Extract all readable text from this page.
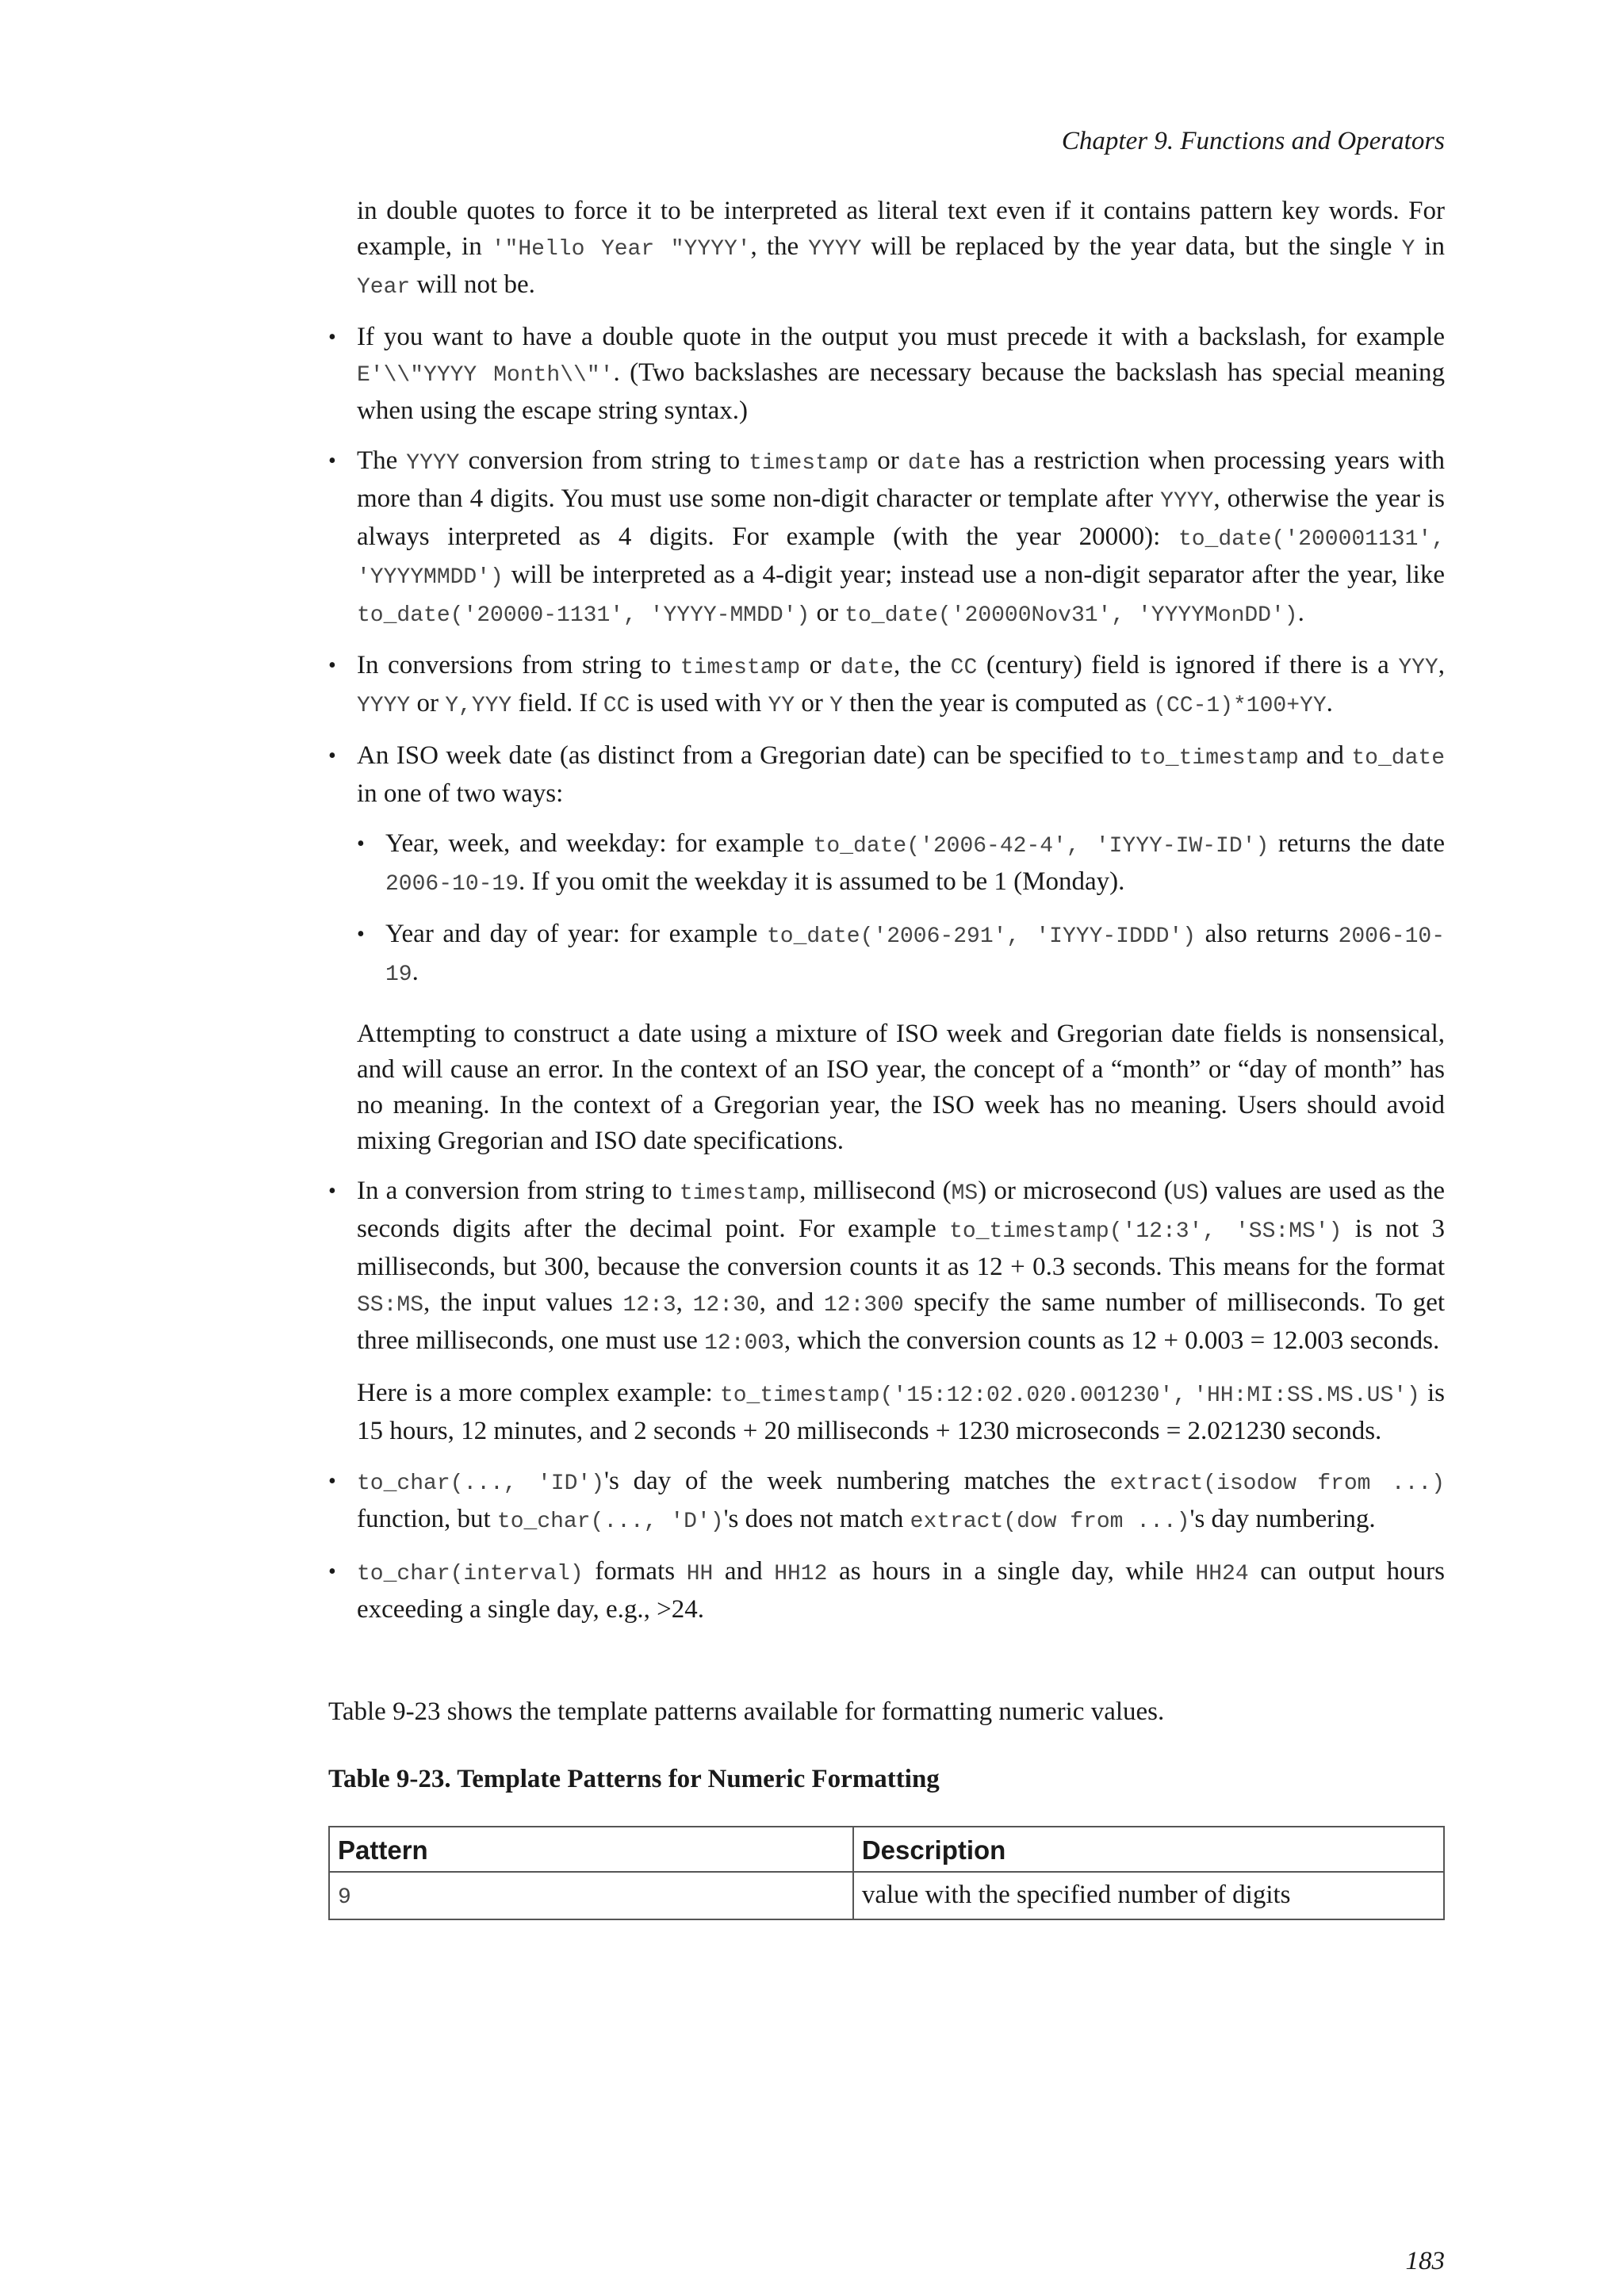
Chapter 9. Functions and Operators

in double quotes to force it to be interpreted as literal text even if it contains pattern key words. For example, in '"Hello Year "YYYY', the YYYY will be replaced by the year data, but the single Y in Year will not be.

• If you want to have a double quote in the output you must precede it with a backslash, for example E'\\"YYYY Month\\"'. (Two backslashes are necessary because the backslash has special meaning when using the escape string syntax.)
• The YYYY conversion from string to timestamp or date has a restriction when processing years with more than 4 digits. You must use some non-digit character or template after YYYY, otherwise the year is always interpreted as 4 digits. For example (with the year 20000): to_date('200001131', 'YYYYMMDD') will be interpreted as a 4-digit year; instead use a non-digit separator after the year, like to_date('20000-1131', 'YYYY-MMDD') or to_date('20000Nov31', 'YYYYMonDD').
• In conversions from string to timestamp or date, the CC (century) field is ignored if there is a YYY, YYYY or Y,YYY field. If CC is used with YY or Y then the year is computed as (CC-1)*100+YY.

• An ISO week date (as distinct from a Gregorian date) can be specified to to_timestamp and to_date in one of two ways:

• Year, week, and weekday: for example to_date('2006-42-4', 'IYYY-IW-ID') returns the date 2006-10-19. If you omit the weekday it is assumed to be 1 (Monday).
• Year and day of year: for example to_date('2006-291', 'IYYY-IDDD') also returns 2006-10-19.

Attempting to construct a date using a mixture of ISO week and Gregorian date fields is nonsensical, and will cause an error. In the context of an ISO year, the concept of a “month” or “day of month” has no meaning. In the context of a Gregorian year, the ISO week has no meaning. Users should avoid mixing Gregorian and ISO date specifications.

• In a conversion from string to timestamp, millisecond (MS) or microsecond (US) values are used as the seconds digits after the decimal point. For example to_timestamp('12:3', 'SS:MS') is not 3 milliseconds, but 300, because the conversion counts it as 12 + 0.3 seconds. This means for the format SS:MS, the input values 12:3, 12:30, and 12:300 specify the same number of milliseconds. To get three milliseconds, one must use 12:003, which the conversion counts as 12 + 0.003 = 12.003 seconds.

Here is a more complex example: to_timestamp('15:12:02.020.001230', 'HH:MI:SS.MS.US') is 15 hours, 12 minutes, and 2 seconds + 20 milliseconds + 1230 microseconds = 2.021230 seconds.

• to_char(..., 'ID')'s day of the week numbering matches the extract(isodow from ...) function, but to_char(..., 'D')'s does not match extract(dow from ...)'s day numbering.
• to_char(interval) formats HH and HH12 as hours in a single day, while HH24 can output hours exceeding a single day, e.g., >24.

Table 9-23 shows the template patterns available for formatting numeric values.

Table 9-23. Template Patterns for Numeric Formatting

Pattern	Description
9	value with the specified number of digits
183
